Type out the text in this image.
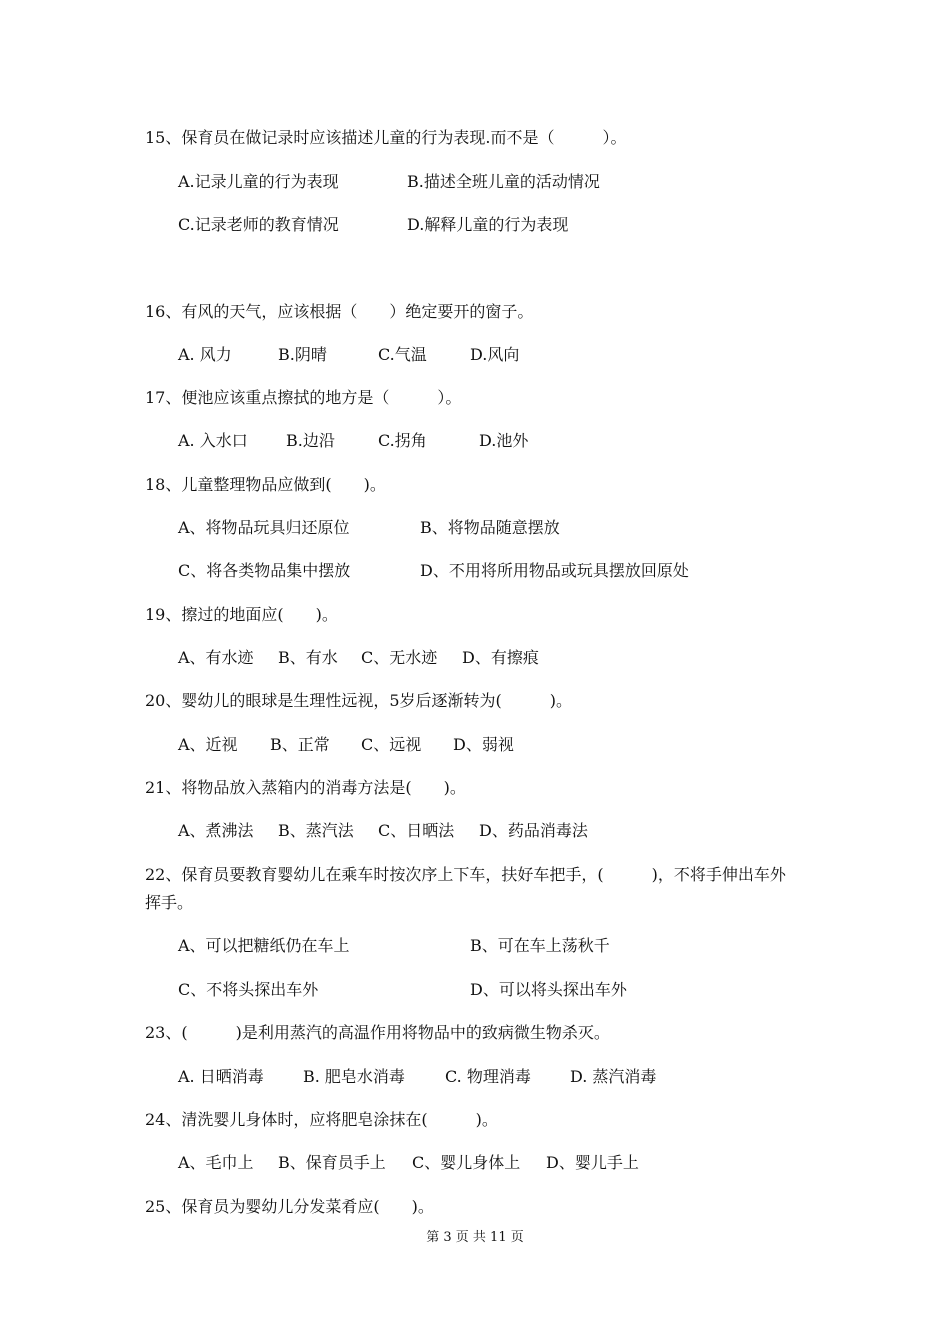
15、保育员在做记录时应该描述儿童的行为表现.而不是（　　　）。
A.记录儿童的行为表现	B.描述全班儿童的活动情况
C.记录老师的教育情况	D.解释儿童的行为表现
16、有风的天气，应该根据（　　）绝定要开的窗子。
A. 风力	B.阴晴	C.气温	D.风向
17、便池应该重点擦拭的地方是（　　　）。
A. 入水口 B.边沿	C.拐角	D.池外
18、儿童整理物品应做到(　　)。
A、将物品玩具归还原位	B、将物品随意摆放
C、将各类物品集中摆放	D、不用将所用物品或玩具摆放回原处
19、擦过的地面应(　　)。
A、有水迹 B、有水 C、无水迹 D、有擦痕
20、婴幼儿的眼球是生理性远视，5岁后逐渐转为(　　　)。
A、近视 B、正常 C、远视 D、弱视
21、将物品放入蒸箱内的消毒方法是(　　)。
A、煮沸法 B、蒸汽法 C、日晒法 D、药品消毒法
22、保育员要教育婴幼儿在乘车时按次序上下车，扶好车把手，(　　　)，不将手伸出车外
挥手。
A、可以把糖纸仍在车上	B、可在车上荡秋千
C、不将头探出车外	D、可以将头探出车外
23、(　　　)是利用蒸汽的高温作用将物品中的致病微生物杀灭。
A. 日晒消毒 B. 肥皂水消毒	C. 物理消毒 D. 蒸汽消毒
24、清洗婴儿身体时，应将肥皂涂抹在(　　　)。
A、毛巾上 B、保育员手上 C、婴儿身体上 D、婴儿手上
25、保育员为婴幼儿分发菜肴应(　　)。
第 3 页 共 11 页
